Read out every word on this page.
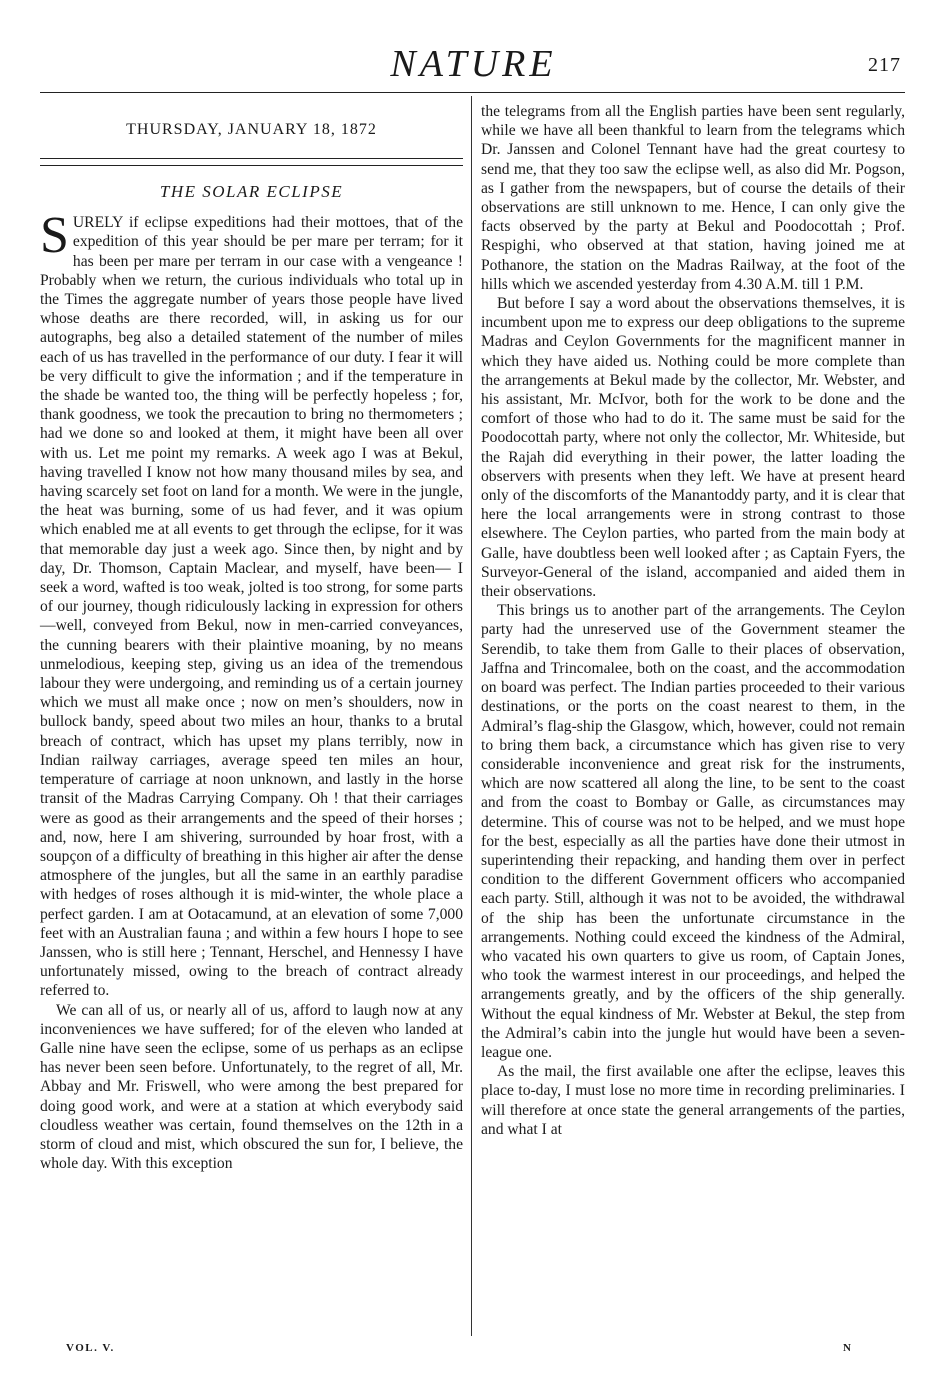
NATURE	217
THURSDAY, JANUARY 18, 1872
THE SOLAR ECLIPSE

SURELY if eclipse expeditions had their mottoes, that of the expedition of this year should be per mare per terram; for it has been per mare per terram in our case with a vengeance ! Probably when we return, the curious individuals who total up in the Times the aggregate number of years those people have lived whose deaths are there recorded, will, in asking us for our autographs, beg also a detailed statement of the number of miles each of us has travelled in the performance of our duty. I fear it will be very difficult to give the information ; and if the temperature in the shade be wanted too, the thing will be perfectly hopeless ; for, thank goodness, we took the precaution to bring no thermometers ; had we done so and looked at them, it might have been all over with us. Let me point my remarks. A week ago I was at Bekul, having travelled I know not how many thousand miles by sea, and having scarcely set foot on land for a month. We were in the jungle, the heat was burning, some of us had fever, and it was opium which enabled me at all events to get through the eclipse, for it was that memorable day just a week ago. Since then, by night and by day, Dr. Thomson, Captain Maclear, and myself, have been— I seek a word, wafted is too weak, jolted is too strong, for some parts of our journey, though ridiculously lacking in expression for others—well, conveyed from Bekul, now in men-carried conveyances, the cunning bearers with their plaintive moaning, by no means unmelodious, keeping step, giving us an idea of the tremendous labour they were undergoing, and reminding us of a certain journey which we must all make once ; now on men’s shoulders, now in bullock bandy, speed about two miles an hour, thanks to a brutal breach of contract, which has upset my plans terribly, now in Indian railway carriages, average speed ten miles an hour, temperature of carriage at noon unknown, and lastly in the horse transit of the Madras Carrying Company. Oh ! that their carriages were as good as their arrangements and the speed of their horses ; and, now, here I am shivering, surrounded by hoar frost, with a soupçon of a difficulty of breathing in this higher air after the dense atmosphere of the jungles, but all the same in an earthly paradise with hedges of roses although it is mid-winter, the whole place a perfect garden. I am at Ootacamund, at an elevation of some 7,000 feet with an Australian fauna ; and within a few hours I hope to see Janssen, who is still here ; Tennant, Herschel, and Hennessy I have unfortunately missed, owing to the breach of contract already referred to.

We can all of us, or nearly all of us, afford to laugh now at any inconveniences we have suffered; for of the eleven who landed at Galle nine have seen the eclipse, some of us perhaps as an eclipse has never been seen before. Unfortunately, to the regret of all, Mr. Abbay and Mr. Friswell, who were among the best prepared for doing good work, and were at a station at which everybody said cloudless weather was certain, found themselves on the 12th in a storm of cloud and mist, which obscured the sun for, I believe, the whole day. With this exception

the telegrams from all the English parties have been sent regularly, while we have all been thankful to learn from the telegrams which Dr. Janssen and Colonel Tennant have had the great courtesy to send me, that they too saw the eclipse well, as also did Mr. Pogson, as I gather from the newspapers, but of course the details of their observations are still unknown to me. Hence, I can only give the facts observed by the party at Bekul and Poodocottah ; Prof. Respighi, who observed at that station, having joined me at Pothanore, the station on the Madras Railway, at the foot of the hills which we ascended yesterday from 4.30 A.M. till 1 P.M.

But before I say a word about the observations themselves, it is incumbent upon me to express our deep obligations to the supreme Madras and Ceylon Governments for the magnificent manner in which they have aided us. Nothing could be more complete than the arrangements at Bekul made by the collector, Mr. Webster, and his assistant, Mr. McIvor, both for the work to be done and the comfort of those who had to do it. The same must be said for the Poodocottah party, where not only the collector, Mr. Whiteside, but the Rajah did everything in their power, the latter loading the observers with presents when they left. We have at present heard only of the discomforts of the Manantoddy party, and it is clear that here the local arrangements were in strong contrast to those elsewhere. The Ceylon parties, who parted from the main body at Galle, have doubtless been well looked after ; as Captain Fyers, the Surveyor-General of the island, accompanied and aided them in their observations.

This brings us to another part of the arrangements. The Ceylon party had the unreserved use of the Government steamer the Serendib, to take them from Galle to their places of observation, Jaffna and Trincomalee, both on the coast, and the accommodation on board was perfect. The Indian parties proceeded to their various destinations, or the ports on the coast nearest to them, in the Admiral’s flag-ship the Glasgow, which, however, could not remain to bring them back, a circumstance which has given rise to very considerable inconvenience and great risk for the instruments, which are now scattered all along the line, to be sent to the coast and from the coast to Bombay or Galle, as circumstances may determine. This of course was not to be helped, and we must hope for the best, especially as all the parties have done their utmost in superintending their repacking, and handing them over in perfect condition to the different Government officers who accompanied each party. Still, although it was not to be avoided, the withdrawal of the ship has been the unfortunate circumstance in the arrangements. Nothing could exceed the kindness of the Admiral, who vacated his own quarters to give us room, of Captain Jones, who took the warmest interest in our proceedings, and helped the arrangements greatly, and by the officers of the ship generally. Without the equal kindness of Mr. Webster at Bekul, the step from the Admiral’s cabin into the jungle hut would have been a seven-league one.

As the mail, the first available one after the eclipse, leaves this place to-day, I must lose no more time in recording preliminaries. I will therefore at once state the general arrangements of the parties, and what I at

VOL. V.	N
